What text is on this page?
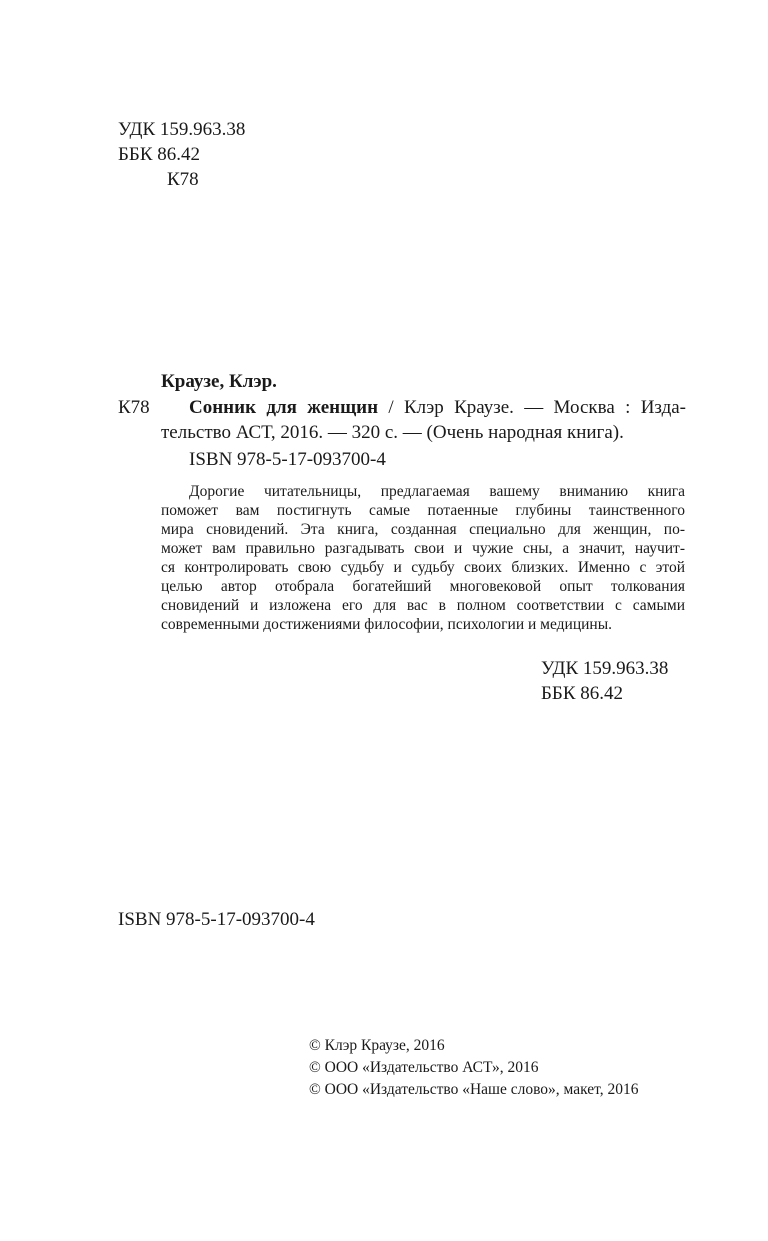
УДК 159.963.38
ББК 86.42
К78
Краузе, Клэр.
К78 Сонник для женщин / Клэр Краузе. — Москва : Изда-
тельство АСТ, 2016. — 320 с. — (Очень народная книга).
ISBN 978-5-17-093700-4
Дорогие читательницы, предлагаемая вашему вниманию книга
поможет вам постигнуть самые потаенные глубины таинственного
мира сновидений. Эта книга, созданная специально для женщин, по-
может вам правильно разгадывать свои и чужие сны, а значит, научит-
ся контролировать свою судьбу и судьбу своих близких. Именно с этой
целью автор отобрала богатейший многовековой опыт толкования
сновидений и изложена его для вас в полном соответствии с самыми
современными достижениями философии, психологии и медицины.
УДК 159.963.38
ББК 86.42
ISBN 978-5-17-093700-4
© Клэр Краузе, 2016
© ООО «Издательство АСТ», 2016
© ООО «Издательство «Наше слово», макет, 2016
